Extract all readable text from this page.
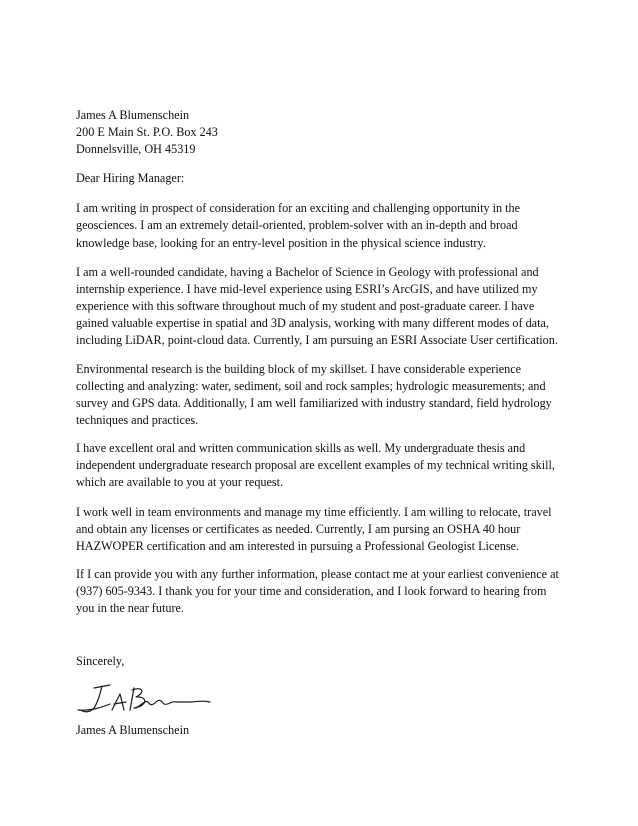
James A Blumenschein
200 E Main St. P.O. Box 243
Donnelsville, OH 45319
Dear Hiring Manager:
I am writing in prospect of consideration for an exciting and challenging opportunity in the geosciences. I am an extremely detail-oriented, problem-solver with an in-depth and broad knowledge base, looking for an entry-level position in the physical science industry.
I am a well-rounded candidate, having a Bachelor of Science in Geology with professional and internship experience. I have mid-level experience using ESRI’s ArcGIS, and have utilized my experience with this software throughout much of my student and post-graduate career. I have gained valuable expertise in spatial and 3D analysis, working with many different modes of data, including LiDAR, point-cloud data. Currently, I am pursuing an ESRI Associate User certification.
Environmental research is the building block of my skillset. I have considerable experience collecting and analyzing: water, sediment, soil and rock samples; hydrologic measurements; and survey and GPS data. Additionally, I am well familiarized with industry standard, field hydrology techniques and practices.
I have excellent oral and written communication skills as well. My undergraduate thesis and independent undergraduate research proposal are excellent examples of my technical writing skill, which are available to you at your request.
I work well in team environments and manage my time efficiently. I am willing to relocate, travel and obtain any licenses or certificates as needed. Currently, I am pursing an OSHA 40 hour HAZWOPER certification and am interested in pursuing a Professional Geologist License.
If I can provide you with any further information, please contact me at your earliest convenience at (937) 605-9343. I thank you for your time and consideration, and I look forward to hearing from you in the near future.
Sincerely,
James A Blumenschein
